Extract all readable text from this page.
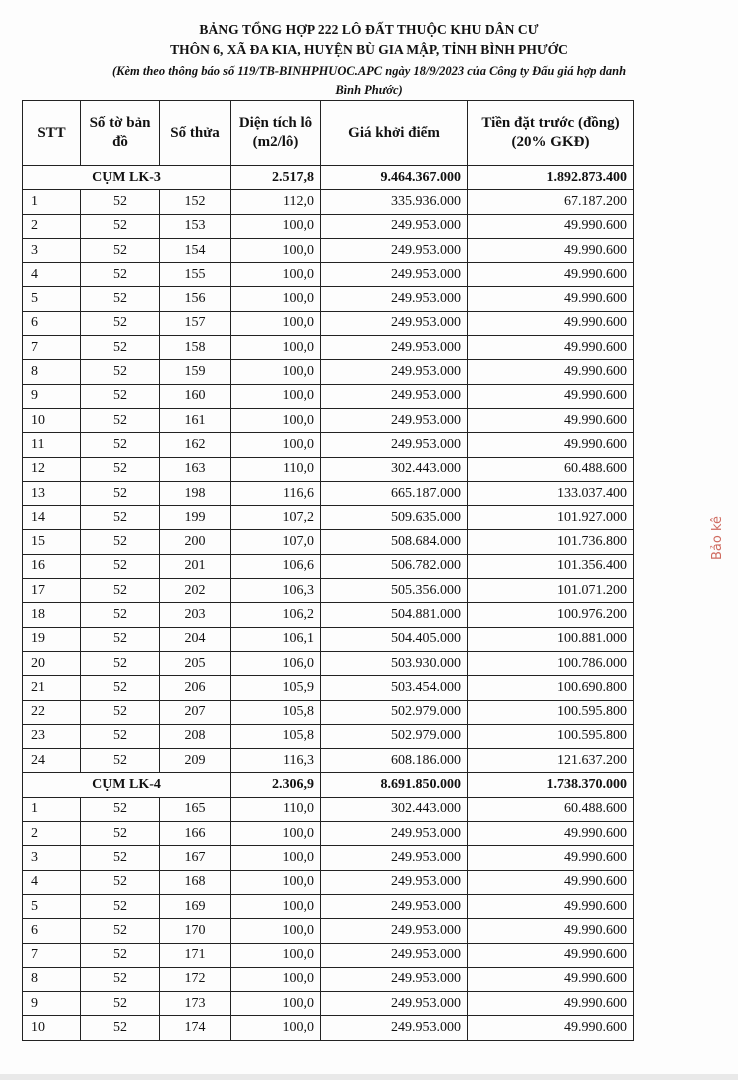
BẢNG TỔNG HỢP 222 LÔ ĐẤT THUỘC KHU DÂN CƯ
THÔN 6, XÃ ĐA KIA, HUYỆN BÙ GIA MẬP, TỈNH BÌNH PHƯỚC
(Kèm theo thông báo số 119/TB-BINHPHUOC.APC ngày 18/9/2023 của Công ty Đấu giá hợp danh
Bình Phước)
STT	Số tờ bản đồ	Số thửa	Diện tích lô (m2/lô)	Giá khởi điểm	Tiền đặt trước (đồng) (20% GKĐ)
CỤM LK-3			2.517,8	9.464.367.000	1.892.873.400
1	52	152	112,0	335.936.000	67.187.200
2	52	153	100,0	249.953.000	49.990.600
3	52	154	100,0	249.953.000	49.990.600
4	52	155	100,0	249.953.000	49.990.600
5	52	156	100,0	249.953.000	49.990.600
6	52	157	100,0	249.953.000	49.990.600
7	52	158	100,0	249.953.000	49.990.600
8	52	159	100,0	249.953.000	49.990.600
9	52	160	100,0	249.953.000	49.990.600
10	52	161	100,0	249.953.000	49.990.600
11	52	162	100,0	249.953.000	49.990.600
12	52	163	110,0	302.443.000	60.488.600
13	52	198	116,6	665.187.000	133.037.400
14	52	199	107,2	509.635.000	101.927.000
15	52	200	107,0	508.684.000	101.736.800
16	52	201	106,6	506.782.000	101.356.400
17	52	202	106,3	505.356.000	101.071.200
18	52	203	106,2	504.881.000	100.976.200
19	52	204	106,1	504.405.000	100.881.000
20	52	205	106,0	503.930.000	100.786.000
21	52	206	105,9	503.454.000	100.690.800
22	52	207	105,8	502.979.000	100.595.800
23	52	208	105,8	502.979.000	100.595.800
24	52	209	116,3	608.186.000	121.637.200
CỤM LK-4			2.306,9	8.691.850.000	1.738.370.000
1	52	165	110,0	302.443.000	60.488.600
2	52	166	100,0	249.953.000	49.990.600
3	52	167	100,0	249.953.000	49.990.600
4	52	168	100,0	249.953.000	49.990.600
5	52	169	100,0	249.953.000	49.990.600
6	52	170	100,0	249.953.000	49.990.600
7	52	171	100,0	249.953.000	49.990.600
8	52	172	100,0	249.953.000	49.990.600
9	52	173	100,0	249.953.000	49.990.600
10	52	174	100,0	249.953.000	49.990.600
Bảo kê
